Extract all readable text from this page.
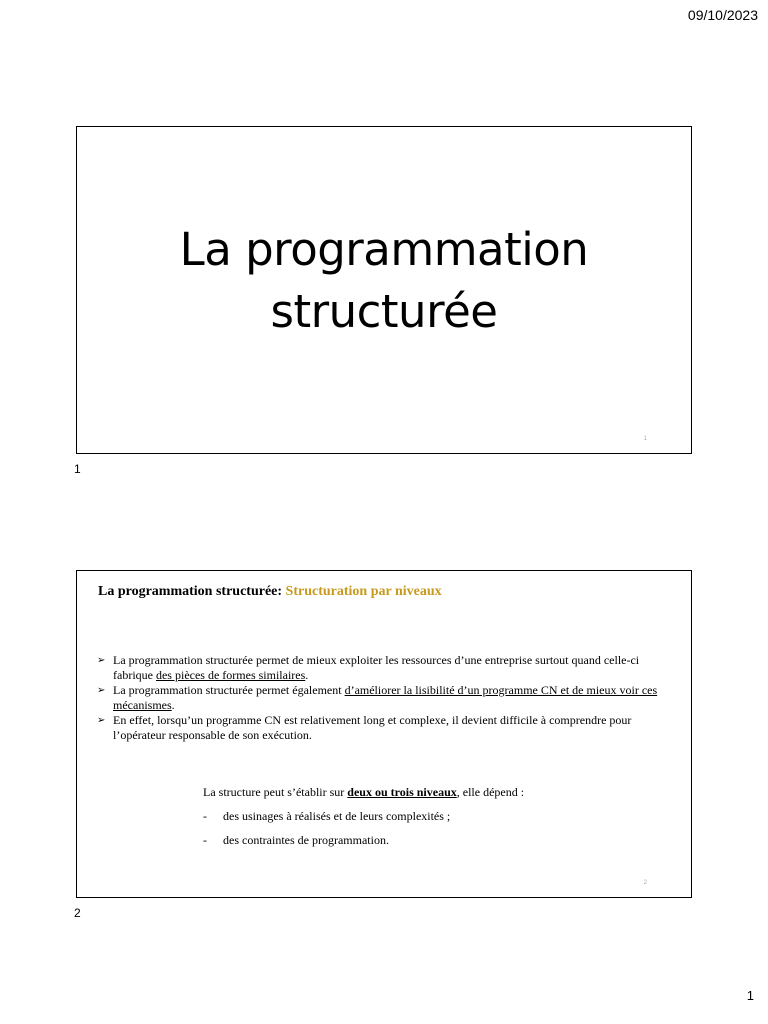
09/10/2023
La programmation
structurée
1
1
La programmation structurée: Structuration par niveaux
➢ La programmation structurée permet de mieux exploiter les ressources d’une entreprise surtout quand celle-ci fabrique des pièces de formes similaires.
➢ La programmation structurée permet également d’améliorer la lisibilité d’un programme CN et de mieux voir ces mécanismes.
➢ En effet, lorsqu’un programme CN est relativement long et complexe, il devient difficile à comprendre pour l’opérateur responsable de son exécution.
La structure peut s’établir sur deux ou trois niveaux, elle dépend :
-	des usinages à réalisés et de leurs complexités ;
-	des contraintes de programmation.
2
2
1
